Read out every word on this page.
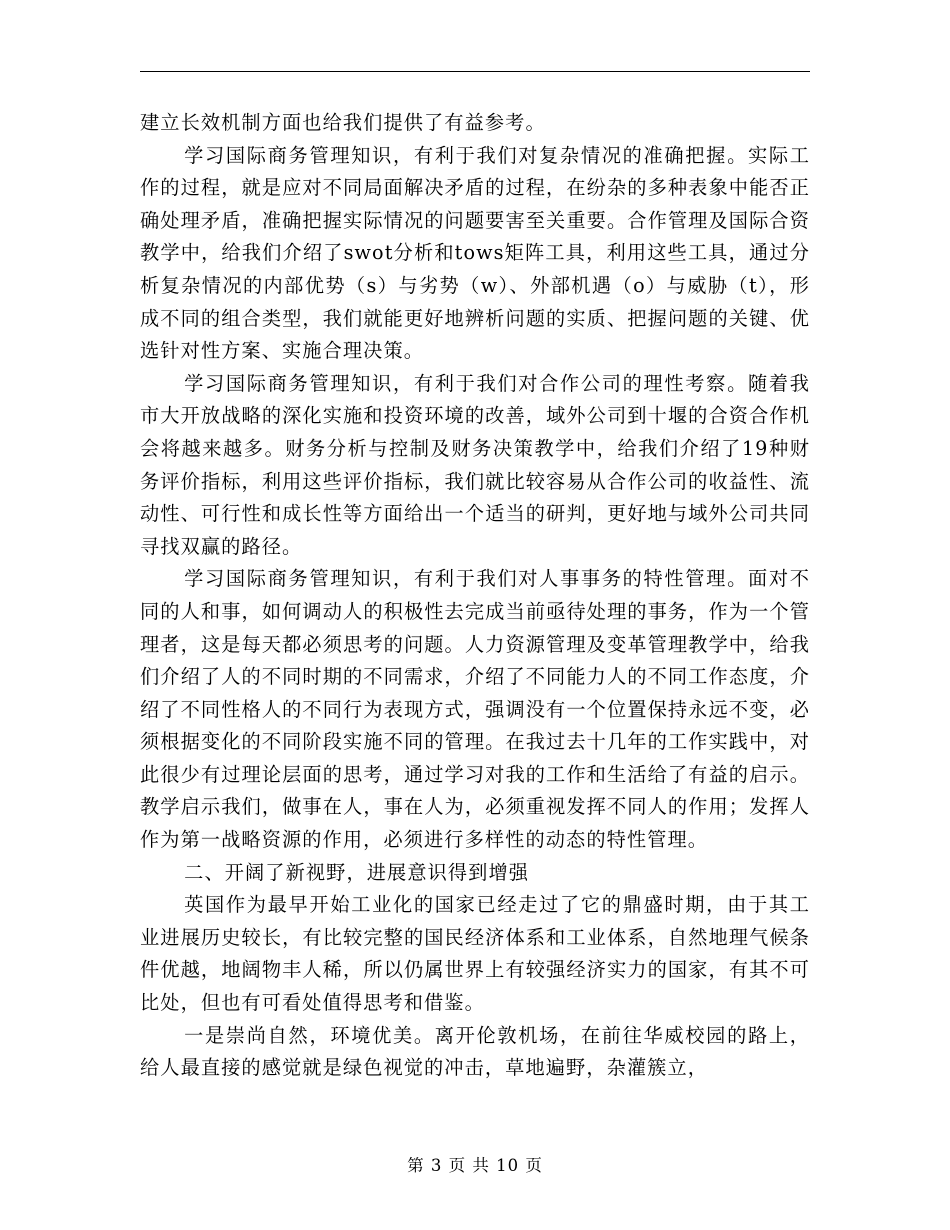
建立长效机制方面也给我们提供了有益参考。

学习国际商务管理知识，有利于我们对复杂情况的准确把握。实际工作的过程，就是应对不同局面解决矛盾的过程，在纷杂的多种表象中能否正确处理矛盾，准确把握实际情况的问题要害至关重要。合作管理及国际合资教学中，给我们介绍了swot分析和tows矩阵工具，利用这些工具，通过分析复杂情况的内部优势（s）与劣势（w）、外部机遇（o）与威胁（t），形成不同的组合类型，我们就能更好地辨析问题的实质、把握问题的关键、优选针对性方案、实施合理决策。

学习国际商务管理知识，有利于我们对合作公司的理性考察。随着我市大开放战略的深化实施和投资环境的改善，域外公司到十堰的合资合作机会将越来越多。财务分析与控制及财务决策教学中，给我们介绍了19种财务评价指标，利用这些评价指标，我们就比较容易从合作公司的收益性、流动性、可行性和成长性等方面给出一个适当的研判，更好地与域外公司共同寻找双赢的路径。

学习国际商务管理知识，有利于我们对人事事务的特性管理。面对不同的人和事，如何调动人的积极性去完成当前亟待处理的事务，作为一个管理者，这是每天都必须思考的问题。人力资源管理及变革管理教学中，给我们介绍了人的不同时期的不同需求，介绍了不同能力人的不同工作态度，介绍了不同性格人的不同行为表现方式，强调没有一个位置保持永远不变，必须根据变化的不同阶段实施不同的管理。在我过去十几年的工作实践中，对此很少有过理论层面的思考，通过学习对我的工作和生活给了有益的启示。教学启示我们，做事在人，事在人为，必须重视发挥不同人的作用；发挥人作为第一战略资源的作用，必须进行多样性的动态的特性管理。

二、开阔了新视野，进展意识得到增强

英国作为最早开始工业化的国家已经走过了它的鼎盛时期，由于其工业进展历史较长，有比较完整的国民经济体系和工业体系，自然地理气候条件优越，地阔物丰人稀，所以仍属世界上有较强经济实力的国家，有其不可比处，但也有可看处值得思考和借鉴。

一是崇尚自然，环境优美。离开伦敦机场，在前往华威校园的路上，给人最直接的感觉就是绿色视觉的冲击，草地遍野，杂灌簇立，

第 3 页 共 10 页
